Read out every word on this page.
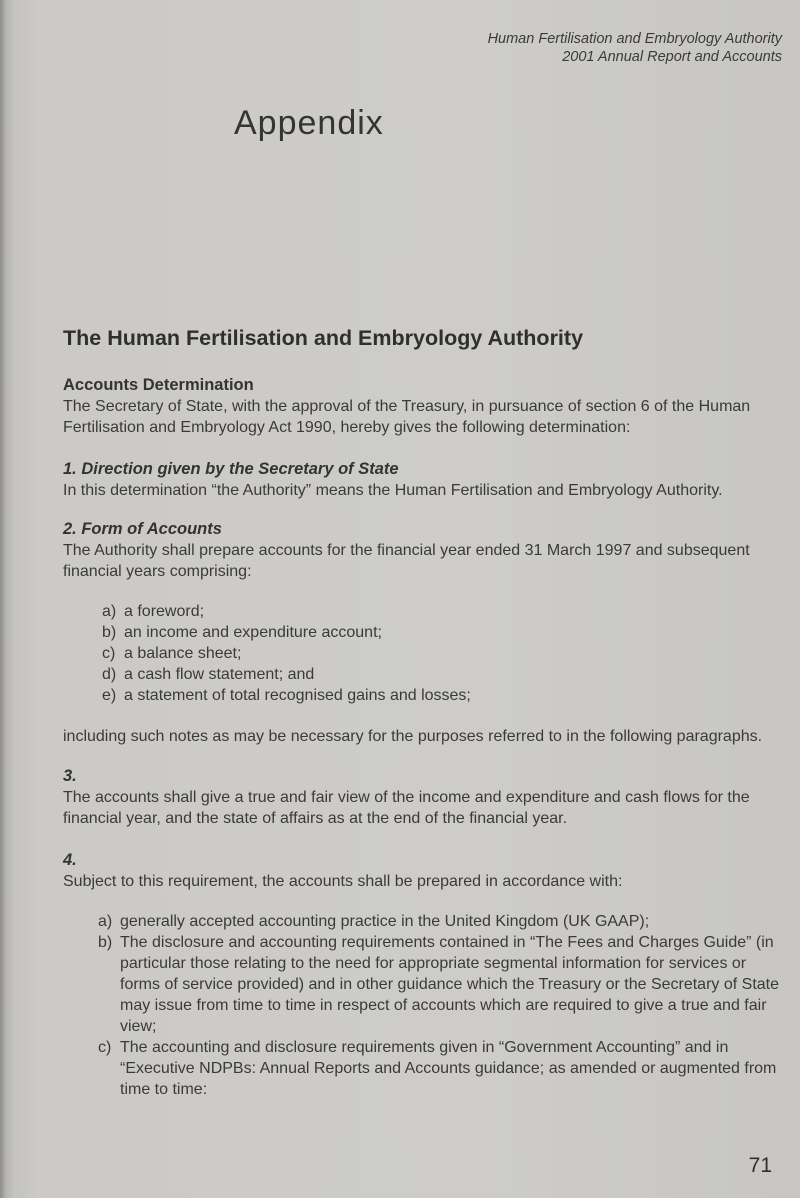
Human Fertilisation and Embryology Authority
2001 Annual Report and Accounts
Appendix
The Human Fertilisation and Embryology Authority

Accounts Determination

The Secretary of State, with the approval of the Treasury, in pursuance of section 6 of the Human Fertilisation and Embryology Act 1990, hereby gives the following determination:

1. Direction given by the Secretary of State

In this determination “the Authority” means the Human Fertilisation and Embryology Authority.

2. Form of Accounts

The Authority shall prepare accounts for the financial year ended 31 March 1997 and subsequent financial years comprising:

a) a foreword;
b) an income and expenditure account;
c) a balance sheet;
d) a cash flow statement; and
e) a statement of total recognised gains and losses;

including such notes as may be necessary for the purposes referred to in the following paragraphs.

3.

The accounts shall give a true and fair view of the income and expenditure and cash flows for the financial year, and the state of affairs as at the end of the financial year.

4.

Subject to this requirement, the accounts shall be prepared in accordance with:

a) generally accepted accounting practice in the United Kingdom (UK GAAP);
b) The disclosure and accounting requirements contained in “The Fees and Charges Guide” (in particular those relating to the need for appropriate segmental information for services or forms of service provided) and in other guidance which the Treasury or the Secretary of State may issue from time to time in respect of accounts which are required to give a true and fair view;
c) The accounting and disclosure requirements given in “Government Accounting” and in “Executive NDPBs: Annual Reports and Accounts guidance; as amended or augmented from time to time:
71
